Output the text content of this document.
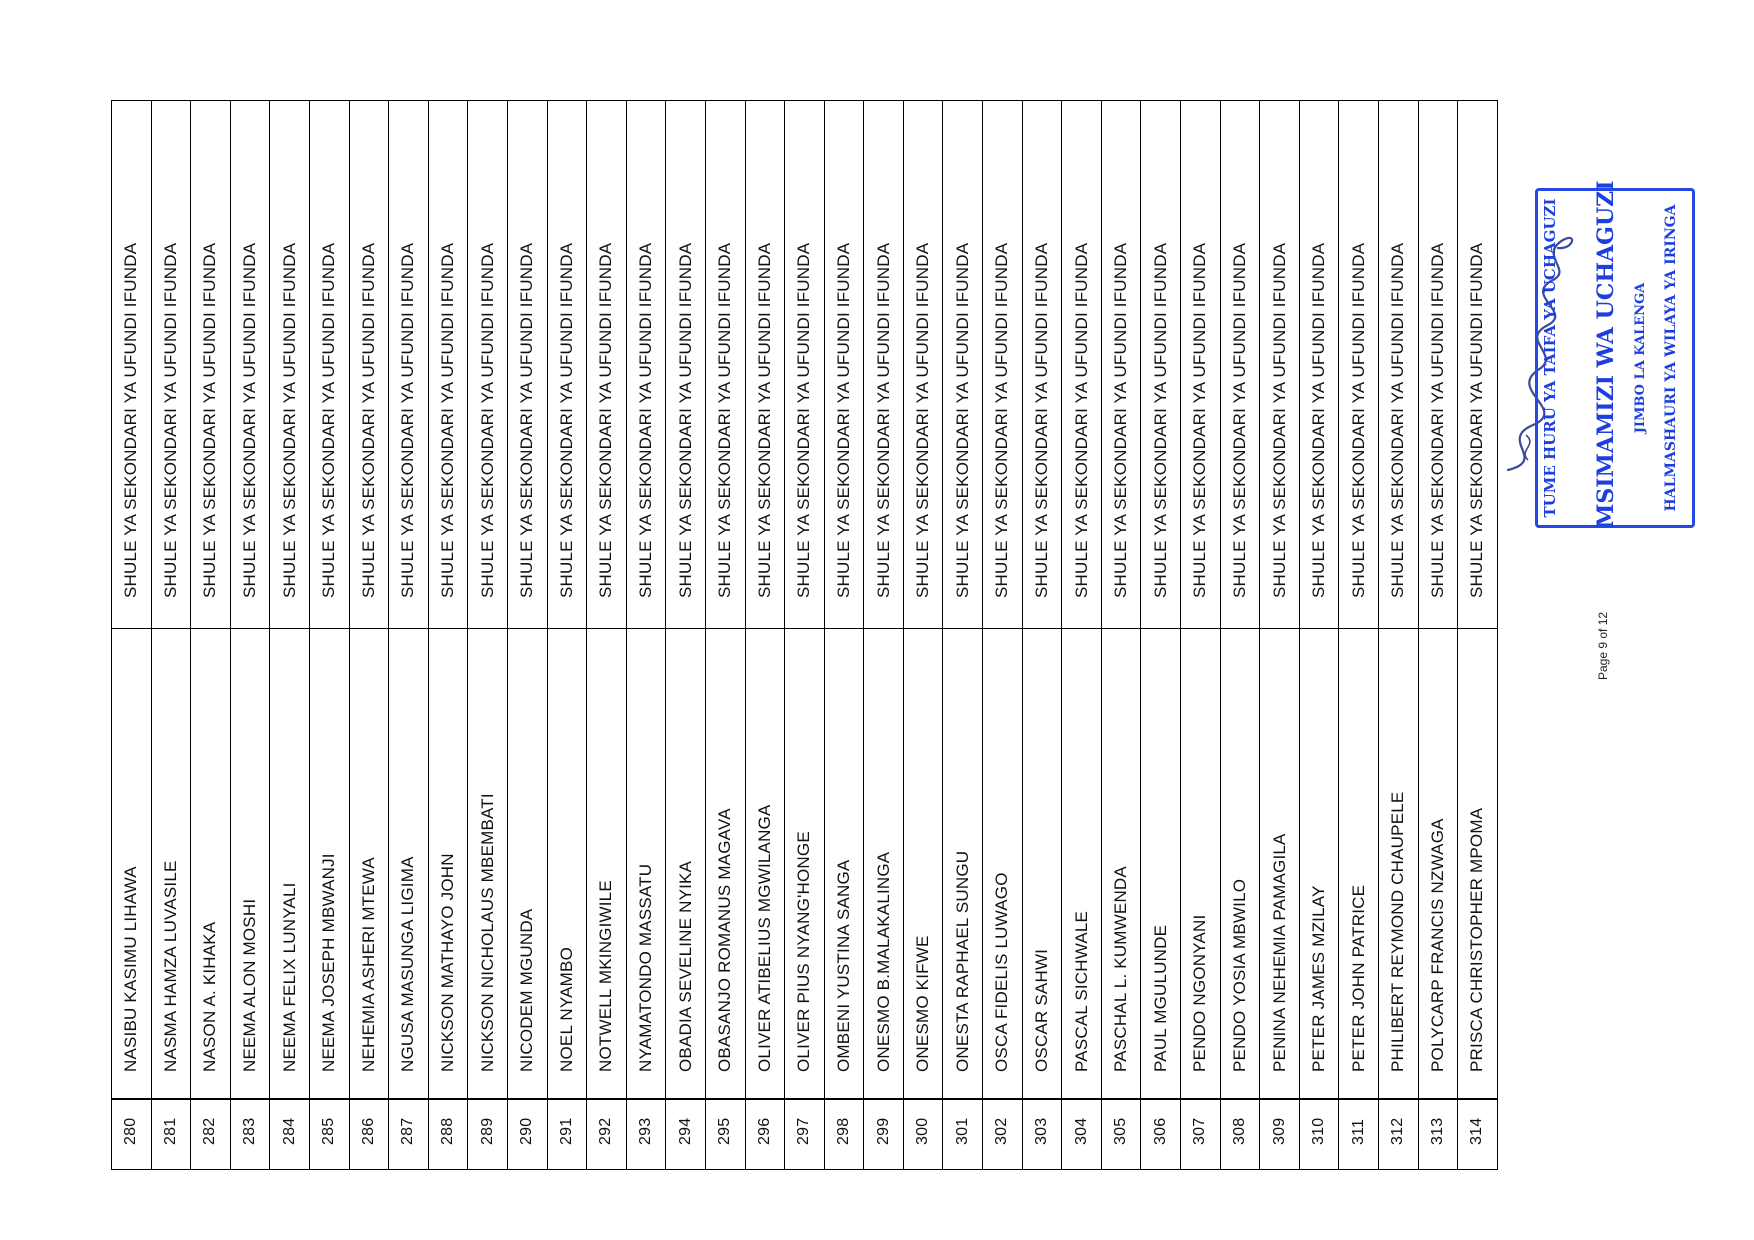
SHULE YA SEKONDARI YA UFUNDI IFUNDA
NASIBU KASIMU LIHAWA
280
SHULE YA SEKONDARI YA UFUNDI IFUNDA
NASMA HAMZA LUVASILE
281
SHULE YA SEKONDARI YA UFUNDI IFUNDA
NASON A. KIHAKA
282
SHULE YA SEKONDARI YA UFUNDI IFUNDA
NEEMA ALON MOSHI
283
SHULE YA SEKONDARI YA UFUNDI IFUNDA
NEEMA FELIX LUNYALI
284
SHULE YA SEKONDARI YA UFUNDI IFUNDA
NEEMA JOSEPH MBWANJI
285
SHULE YA SEKONDARI YA UFUNDI IFUNDA
NEHEMIA ASHERI MTEWA
286
SHULE YA SEKONDARI YA UFUNDI IFUNDA
NGUSA MASUNGA LIGIMA
287
SHULE YA SEKONDARI YA UFUNDI IFUNDA
NICKSON MATHAYO JOHN
288
SHULE YA SEKONDARI YA UFUNDI IFUNDA
NICKSON NICHOLAUS MBEMBATI
289
SHULE YA SEKONDARI YA UFUNDI IFUNDA
NICODEM MGUNDA
290
SHULE YA SEKONDARI YA UFUNDI IFUNDA
NOEL NYAMBO
291
SHULE YA SEKONDARI YA UFUNDI IFUNDA
NOTWELL MKINGIWILE
292
SHULE YA SEKONDARI YA UFUNDI IFUNDA
NYAMATONDO MASSATU
293
SHULE YA SEKONDARI YA UFUNDI IFUNDA
OBADIA SEVELINE NYIKA
294
SHULE YA SEKONDARI YA UFUNDI IFUNDA
OBASANJO ROMANUS MAGAVA
295
SHULE YA SEKONDARI YA UFUNDI IFUNDA
OLIVER ATIBELIUS MGWILANGA
296
SHULE YA SEKONDARI YA UFUNDI IFUNDA
OLIVER PIUS NYANG'HONGE
297
SHULE YA SEKONDARI YA UFUNDI IFUNDA
OMBENI YUSTINA SANGA
298
SHULE YA SEKONDARI YA UFUNDI IFUNDA
ONESMO B.MALAKALINGA
299
SHULE YA SEKONDARI YA UFUNDI IFUNDA
ONESMO KIFWE
300
SHULE YA SEKONDARI YA UFUNDI IFUNDA
ONESTA RAPHAEL SUNGU
301
SHULE YA SEKONDARI YA UFUNDI IFUNDA
OSCA FIDELIS LUWAGO
302
SHULE YA SEKONDARI YA UFUNDI IFUNDA
OSCAR SAHWI
303
SHULE YA SEKONDARI YA UFUNDI IFUNDA
PASCAL SICHWALE
304
SHULE YA SEKONDARI YA UFUNDI IFUNDA
PASCHAL L. KUMWENDA
305
SHULE YA SEKONDARI YA UFUNDI IFUNDA
PAUL MGULUNDE
306
SHULE YA SEKONDARI YA UFUNDI IFUNDA
PENDO NGONYANI
307
SHULE YA SEKONDARI YA UFUNDI IFUNDA
PENDO YOSIA MBWILO
308
SHULE YA SEKONDARI YA UFUNDI IFUNDA
PENINA NEHEMIA PAMAGILA
309
SHULE YA SEKONDARI YA UFUNDI IFUNDA
PETER JAMES MZILAY
310
SHULE YA SEKONDARI YA UFUNDI IFUNDA
PETER JOHN PATRICE
311
SHULE YA SEKONDARI YA UFUNDI IFUNDA
PHILIBERT REYMOND CHAUPELE
312
SHULE YA SEKONDARI YA UFUNDI IFUNDA
POLYCARP FRANCIS NZWAGA
313
SHULE YA SEKONDARI YA UFUNDI IFUNDA
PRISCA CHRISTOPHER MPOMA
314
Page 9 of 12
TUME HURU YA TAIFA YA UCHAGUZI MSIMAMIZI WA UCHAGUZI JIMBO LA KALENGA HALMASHAURI YA WILAYA YA IRINGA
